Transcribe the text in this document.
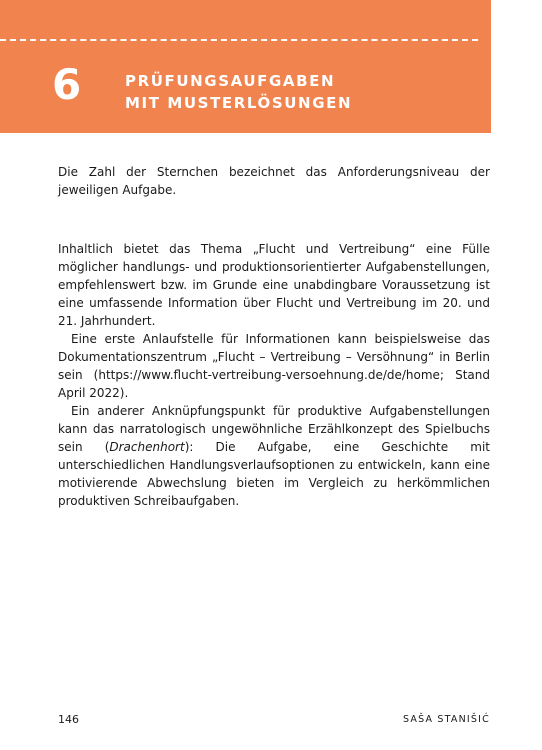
6	PRÜFUNGSAUFGABEN
MIT MUSTERLÖSUNGEN

Die Zahl der Sternchen bezeichnet das Anforderungsniveau der jeweiligen Aufgabe.

Inhaltlich bietet das Thema „Flucht und Vertreibung“ eine Fülle möglicher handlungs- und produktionsorientierter Aufgabenstellungen, empfehlenswert bzw. im Grunde eine unabdingbare Voraussetzung ist eine umfassende Information über Flucht und Vertreibung im 20. und 21. Jahrhundert.

Eine erste Anlaufstelle für Informationen kann beispielsweise das Dokumentationszentrum „Flucht – Vertreibung – Versöhnung“ in Berlin sein (https://www.flucht-vertreibung-versoehnung.de/de/home; Stand April 2022).

Ein anderer Anknüpfungspunkt für produktive Aufgabenstellungen kann das narratologisch ungewöhnliche Erzählkonzept des Spielbuchs sein (Drachenhort): Die Aufgabe, eine Geschichte mit unterschiedlichen Handlungsverlaufsoptionen zu entwickeln, kann eine motivierende Abwechslung bieten im Vergleich zu herkömmlichen produktiven Schreibaufgaben.

146	SAŠA STANIŠIĆ
